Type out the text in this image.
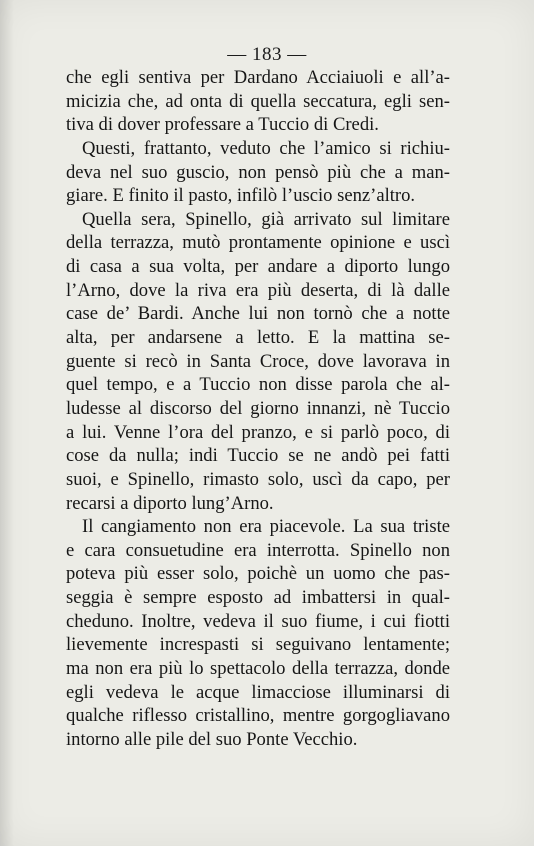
— 183 —

che egli sentiva per Dardano Acciaiuoli e all’a-
micizia che, ad onta di quella seccatura, egli sen-
tiva di dover professare a Tuccio di Credi.

Questi, frattanto, veduto che l’amico si richiu-
deva nel suo guscio, non pensò più che a man-
giare. E finito il pasto, infilò l’uscio senz’altro.

Quella sera, Spinello, già arrivato sul limitare
della terrazza, mutò prontamente opinione e uscì
di casa a sua volta, per andare a diporto lungo
l’Arno, dove la riva era più deserta, di là dalle
case de’ Bardi. Anche lui non tornò che a notte
alta, per andarsene a letto. E la mattina se-
guente si recò in Santa Croce, dove lavorava in
quel tempo, e a Tuccio non disse parola che al-
ludesse al discorso del giorno innanzi, nè Tuccio
a lui. Venne l’ora del pranzo, e si parlò poco, di
cose da nulla; indi Tuccio se ne andò pei fatti
suoi, e Spinello, rimasto solo, uscì da capo, per
recarsi a diporto lung’Arno.

Il cangiamento non era piacevole. La sua triste
e cara consuetudine era interrotta. Spinello non
poteva più esser solo, poichè un uomo che pas-
seggia è sempre esposto ad imbattersi in qual-
cheduno. Inoltre, vedeva il suo fiume, i cui fiotti
lievemente increspasti si seguivano lentamente;
ma non era più lo spettacolo della terrazza, donde
egli vedeva le acque limacciose illuminarsi di
qualche riflesso cristallino, mentre gorgogliavano
intorno alle pile del suo Ponte Vecchio.
